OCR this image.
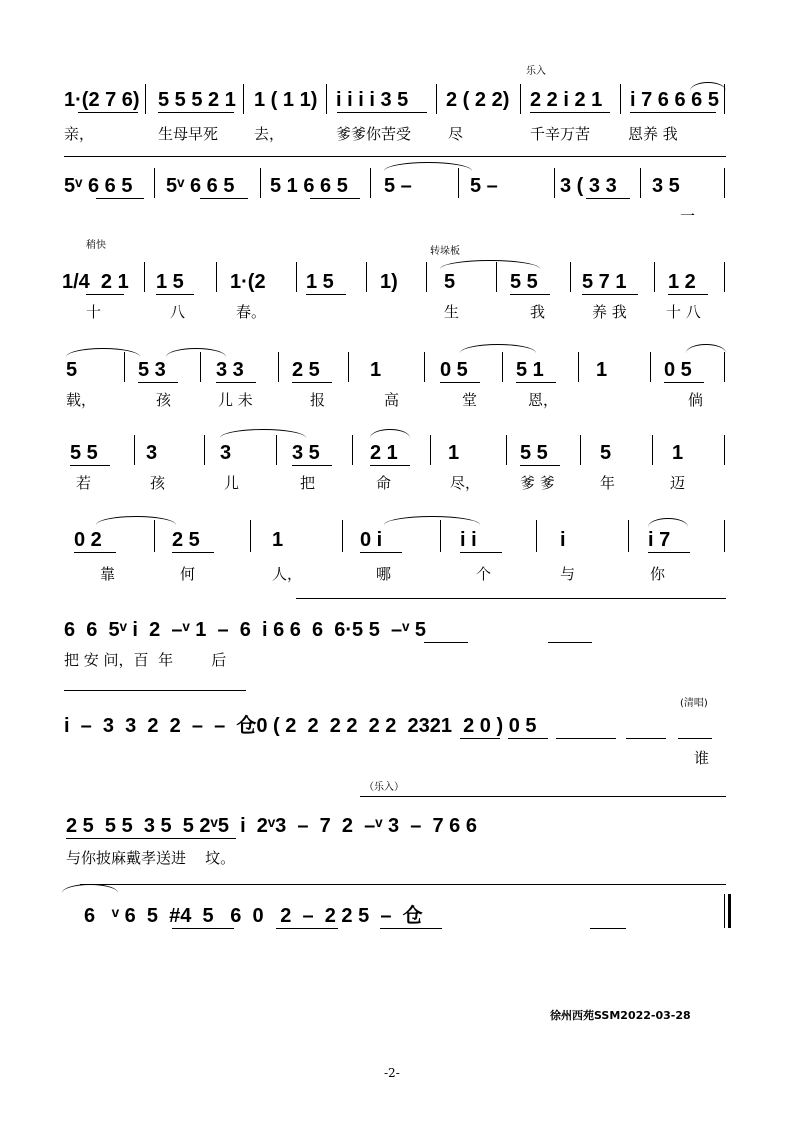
乐入
1·(2 7 6) 5 5 5 2 1 1 ( 1 1) i i i i 3 5 2 ( 2 2) 2 2 i 2 1 i 7 6 6 6 5
亲，	生母早死 去，	爹爹你苦受 尽	千辛万苦	恩养 我
5ᵛ 6 6 5 5ᵛ 6 6 5 5 1 6 6 5 5 –	5 –	3 ( 3 3 3 5
一
稍快
转垛板
1/4  2 1 1 5 1·(2 1 5 1) 5	5 5 5 7 1 1 2
十	八	春。	生	我	养 我	十 八
5	5 3	3 3 2 5	1	0 5 5 1	1	0 5
载，	孩	儿 未	报	高	堂	恩，	倘
5 5 3	3	3 5	2 1	1	5 5	5	1
若	孩	儿	把	命	尽，	爹 爹	年	迈
0 2	2 5	1	0 i	i i	i	i 7
靠	何	人，	哪	个	与	你
6  6  5ᵛ i  2  –ᵛ 1  –  6  i 6 6  6  6·5 5  –ᵛ 5
把 安 问，百  年        后
(清唱)
i  –  3  3  2  2  –  –  仓0 ( 2  2  2 2  2 2  2321  2 0 ) 0 5
谁
（乐入）
2 5  5 5  3 5  5 2ᵛ5  i  2ᵛ3  –  7  2  –ᵛ 3  –  7 6 6
与你披麻戴孝送进    坟。
6   ᵛ 6  5  #4  5   6  0   2  –  2 2 5  –  仓
徐州西苑SSM2022-03-28
-2-
